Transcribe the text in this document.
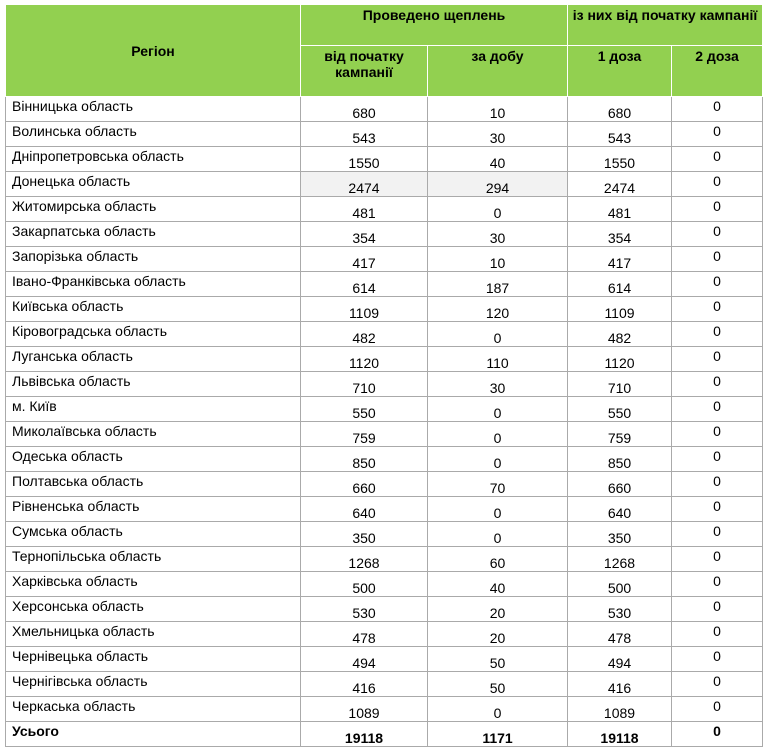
Регіон	Проведено щеплень		із них від початку кампанії	
	від початку кампанії	за добу	1 доза	2 доза
Вінницька область	680	10	680	0
Волинська область	543	30	543	0
Дніпропетровська область	1550	40	1550	0
Донецька область	2474	294	2474	0
Житомирська область	481	0	481	0
Закарпатська область	354	30	354	0
Запорізька область	417	10	417	0
Івано-Франківська область	614	187	614	0
Київська область	1109	120	1109	0
Кіровоградська область	482	0	482	0
Луганська область	1120	110	1120	0
Львівська область	710	30	710	0
м. Київ	550	0	550	0
Миколаївська область	759	0	759	0
Одеська область	850	0	850	0
Полтавська область	660	70	660	0
Рівненська область	640	0	640	0
Сумська область	350	0	350	0
Тернопільська область	1268	60	1268	0
Харківська область	500	40	500	0
Херсонська область	530	20	530	0
Хмельницька область	478	20	478	0
Чернівецька область	494	50	494	0
Чернігівська область	416	50	416	0
Черкаська область	1089	0	1089	0
Усього	19118	1171	19118	0
